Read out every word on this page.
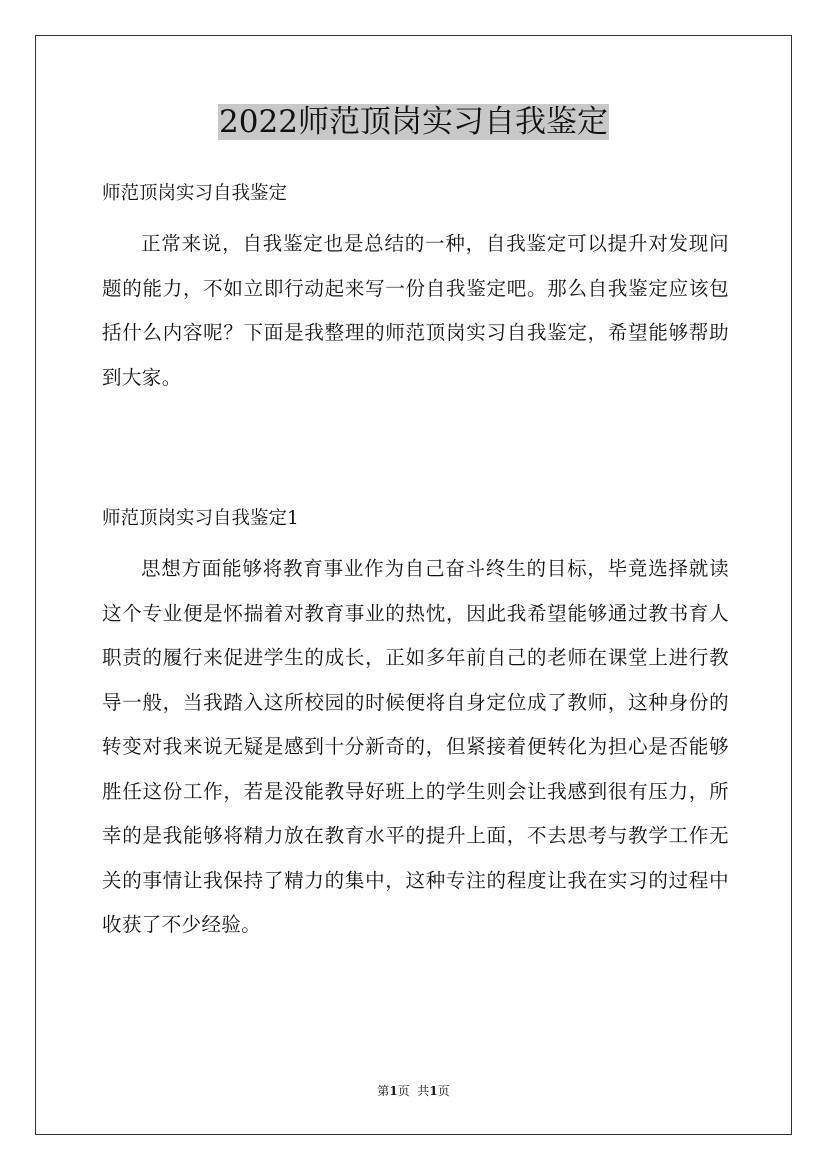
2022师范顶岗实习自我鉴定

师范顶岗实习自我鉴定

正常来说，自我鉴定也是总结的一种，自我鉴定可以提升对发现问题的能力，不如立即行动起来写一份自我鉴定吧。那么自我鉴定应该包括什么内容呢？下面是我整理的师范顶岗实习自我鉴定，希望能够帮助到大家。

师范顶岗实习自我鉴定1

思想方面能够将教育事业作为自己奋斗终生的目标，毕竟选择就读这个专业便是怀揣着对教育事业的热忱，因此我希望能够通过教书育人职责的履行来促进学生的成长，正如多年前自己的老师在课堂上进行教导一般，当我踏入这所校园的时候便将自身定位成了教师，这种身份的转变对我来说无疑是感到十分新奇的，但紧接着便转化为担心是否能够胜任这份工作，若是没能教导好班上的学生则会让我感到很有压力，所幸的是我能够将精力放在教育水平的提升上面，不去思考与教学工作无关的事情让我保持了精力的集中，这种专注的程度让我在实习的过程中收获了不少经验。

第1页  共1页
